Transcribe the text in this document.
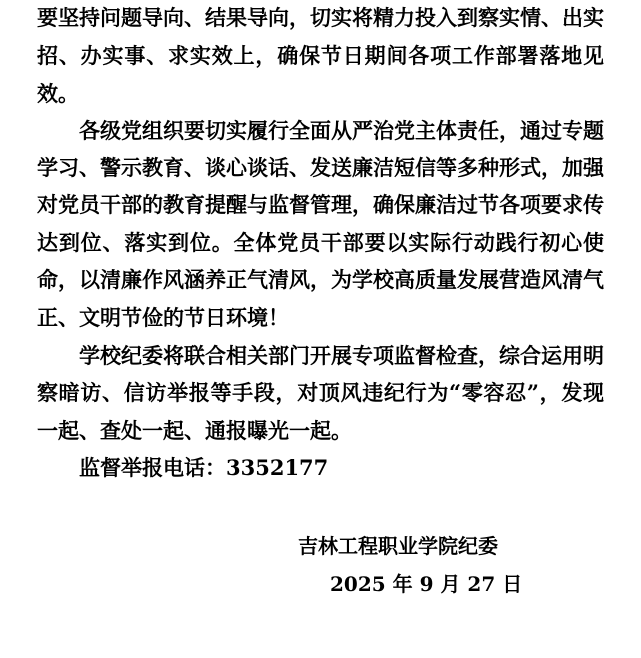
要坚持问题导向、结果导向，切实将精力投入到察实情、出实
招、办实事、求实效上，确保节日期间各项工作部署落地见
效。
　　各级党组织要切实履行全面从严治党主体责任，通过专题
学习、警示教育、谈心谈话、发送廉洁短信等多种形式，加强
对党员干部的教育提醒与监督管理，确保廉洁过节各项要求传
达到位、落实到位。全体党员干部要以实际行动践行初心使
命，以清廉作风涵养正气清风，为学校高质量发展营造风清气
正、文明节俭的节日环境！
　　学校纪委将联合相关部门开展专项监督检查，综合运用明
察暗访、信访举报等手段，对顶风违纪行为“零容忍”，发现
一起、查处一起、通报曝光一起。
　　监督举报电话：3352177
吉林工程职业学院纪委
2025 年 9 月 27 日
